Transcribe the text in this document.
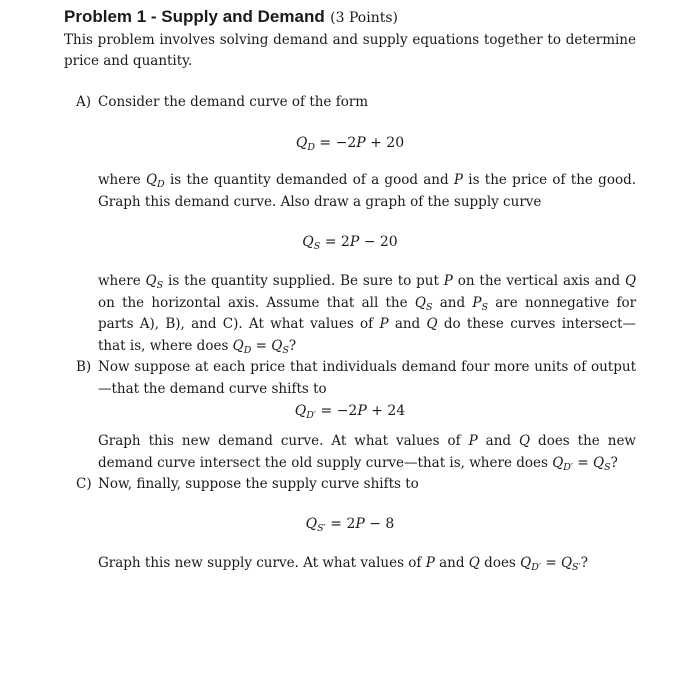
Problem 1 - Supply and Demand (3 Points)
This problem involves solving demand and supply equations together to determine price and quantity.
A) Consider the demand curve of the form
$Q_D = -2P + 20$
where $Q_D$ is the quantity demanded of a good and P is the price of the good. Graph this demand curve. Also draw a graph of the supply curve
$Q_S = 2P - 20$
where $Q_S$ is the quantity supplied. Be sure to put P on the vertical axis and Q on the horizontal axis. Assume that all the $Q_S$ and $P_S$ are nonnegative for parts A), B), and C). At what values of P and Q do these curves intersect— that is, where does $Q_D = Q_S$?
B) Now suppose at each price that individuals demand four more units of output—that the demand curve shifts to
$Q_{D'} = -2P + 24$
Graph this new demand curve. At what values of P and Q does the new demand curve intersect the old supply curve—that is, where does $Q_{D'} = Q_S$?
C) Now, finally, suppose the supply curve shifts to
$Q_{S'} = 2P - 8$
Graph this new supply curve. At what values of P and Q does $Q_{D'} = Q_{S'}$?
